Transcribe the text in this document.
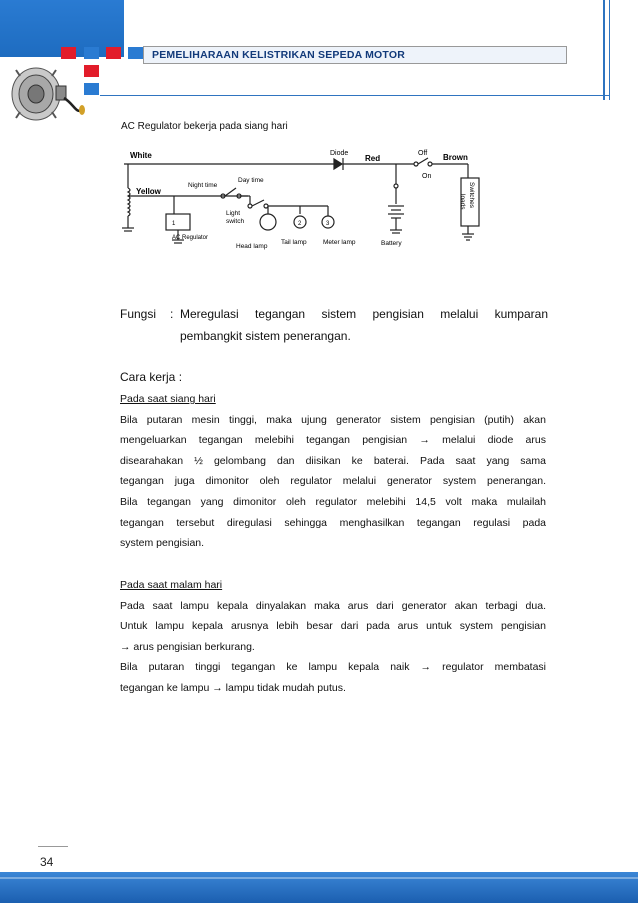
PEMELIHARAAN KELISTRIKAN SEPEDA MOTOR
AC Regulator bekerja pada siang hari
White	Diode
Red
Off
On
Brown
Yellow
Night time
Day time
Light
switch
AC Regulator
Head lamp
Tail lamp	Meter lamp	Battery
1	2	3
Switches
loads
Fungsi	: Meregulasi tegangan sistem pengisian melalui kumparan
pembangkit sistem penerangan.
Cara kerja :
Pada saat siang hari
Bila putaran mesin tinggi, maka ujung generator sistem pengisian (putih) akan
mengeluarkan tegangan melebihi tegangan pengisian → melalui diode arus
disearahakan ½ gelombang dan diisikan ke baterai. Pada saat yang sama
tegangan juga dimonitor oleh regulator melalui generator system penerangan.
Bila tegangan yang dimonitor oleh regulator melebihi 14,5 volt maka mulailah
tegangan tersebut diregulasi sehingga menghasilkan tegangan regulasi pada
system pengisian.
Pada saat malam hari
Pada saat lampu kepala dinyalakan maka arus dari generator akan terbagi dua.
Untuk lampu kepala arusnya lebih besar dari pada arus untuk system pengisian
→ arus pengisian berkurang.
Bila putaran tinggi tegangan ke lampu kepala naik → regulator membatasi
tegangan ke lampu → lampu tidak mudah putus.
34
